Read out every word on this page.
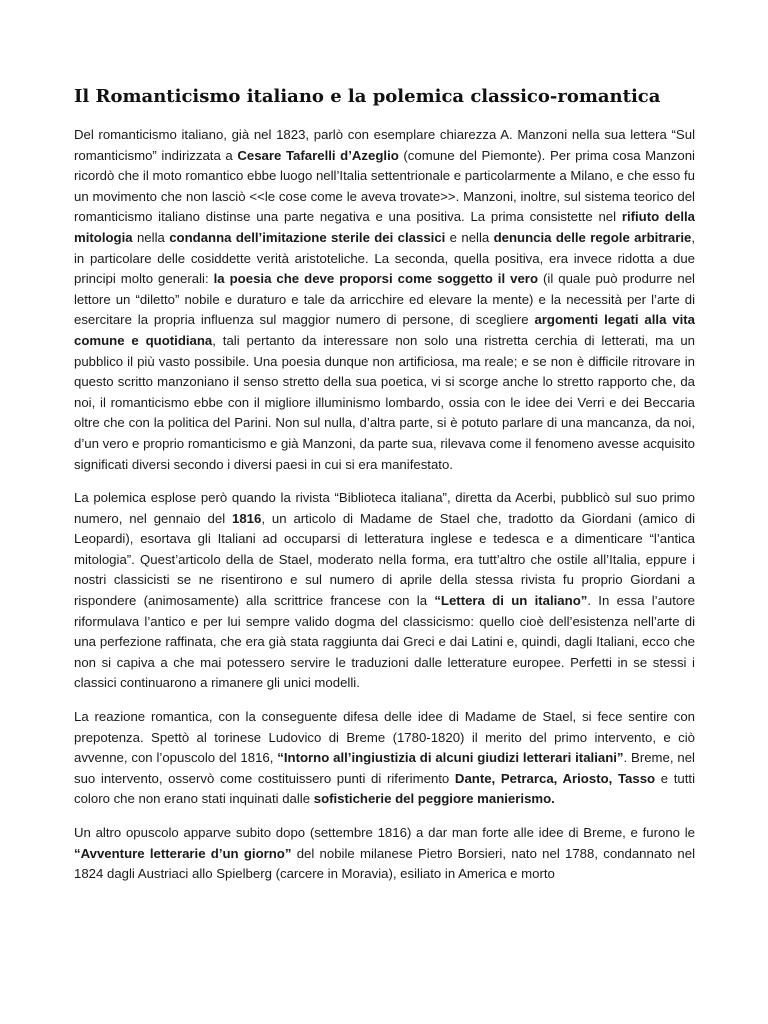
Il Romanticismo italiano e la polemica classico-romantica

Del romanticismo italiano, già nel 1823, parlò con esemplare chiarezza A. Manzoni nella sua lettera “Sul romanticismo” indirizzata a Cesare Tafarelli d’Azeglio (comune del Piemonte). Per prima cosa Manzoni ricordò che il moto romantico ebbe luogo nell’Italia settentrionale e particolarmente a Milano, e che esso fu un movimento che non lasciò <<le cose come le aveva trovate>>. Manzoni, inoltre, sul sistema teorico del romanticismo italiano distinse una parte negativa e una positiva. La prima consistette nel rifiuto della mitologia nella condanna dell’imitazione sterile dei classici e nella denuncia delle regole arbitrarie, in particolare delle cosiddette verità aristoteliche. La seconda, quella positiva, era invece ridotta a due principi molto generali: la poesia che deve proporsi come soggetto il vero (il quale può produrre nel lettore un “diletto” nobile e duraturo e tale da arricchire ed elevare la mente) e la necessità per l’arte di esercitare la propria influenza sul maggior numero di persone, di scegliere argomenti legati alla vita comune e quotidiana, tali pertanto da interessare non solo una ristretta cerchia di letterati, ma un pubblico il più vasto possibile. Una poesia dunque non artificiosa, ma reale; e se non è difficile ritrovare in questo scritto manzoniano il senso stretto della sua poetica, vi si scorge anche lo stretto rapporto che, da noi, il romanticismo ebbe con il migliore illuminismo lombardo, ossia con le idee dei Verri e dei Beccaria oltre che con la politica del Parini. Non sul nulla, d’altra parte, si è potuto parlare di una mancanza, da noi, d’un vero e proprio romanticismo e già Manzoni, da parte sua, rilevava come il fenomeno avesse acquisito significati diversi secondo i diversi paesi in cui si era manifestato.

La polemica esplose però quando la rivista “Biblioteca italiana”, diretta da Acerbi, pubblicò sul suo primo numero, nel gennaio del 1816, un articolo di Madame de Stael che, tradotto da Giordani (amico di Leopardi), esortava gli Italiani ad occuparsi di letteratura inglese e tedesca e a dimenticare “l’antica mitologia”. Quest’articolo della de Stael, moderato nella forma, era tutt’altro che ostile all’Italia, eppure i nostri classicisti se ne risentirono e sul numero di aprile della stessa rivista fu proprio Giordani a rispondere (animosamente) alla scrittrice francese con la “Lettera di un italiano”. In essa l’autore riformulava l’antico e per lui sempre valido dogma del classicismo: quello cioè dell’esistenza nell’arte di una perfezione raffinata, che era già stata raggiunta dai Greci e dai Latini e, quindi, dagli Italiani, ecco che non si capiva a che mai potessero servire le traduzioni dalle letterature europee. Perfetti in se stessi i classici continuarono a rimanere gli unici modelli.

La reazione romantica, con la conseguente difesa delle idee di Madame de Stael, si fece sentire con prepotenza. Spettò al torinese Ludovico di Breme (1780-1820) il merito del primo intervento, e ciò avvenne, con l’opuscolo del 1816, “Intorno all’ingiustizia di alcuni giudizi letterari italiani”. Breme, nel suo intervento, osservò come costituissero punti di riferimento Dante, Petrarca, Ariosto, Tasso e tutti coloro che non erano stati inquinati dalle sofisticherie del peggiore manierismo.

Un altro opuscolo apparve subito dopo (settembre 1816) a dar man forte alle idee di Breme, e furono le “Avventure letterarie d’un giorno” del nobile milanese Pietro Borsieri, nato nel 1788, condannato nel 1824 dagli Austriaci allo Spielberg (carcere in Moravia), esiliato in America e morto
